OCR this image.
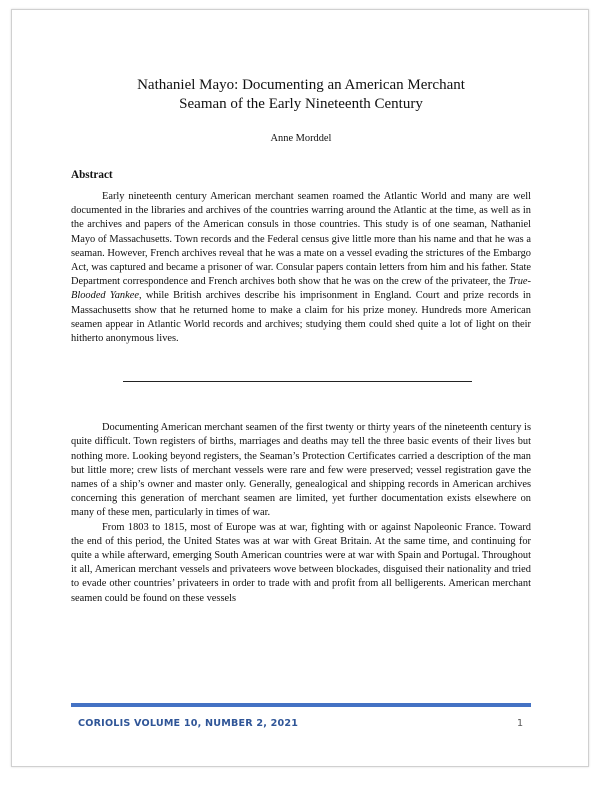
Nathaniel Mayo: Documenting an American Merchant
Seaman of the Early Nineteenth Century
Anne Morddel
Abstract

Early nineteenth century American merchant seamen roamed the Atlantic World and many are well documented in the libraries and archives of the countries warring around the Atlantic at the time, as well as in the archives and papers of the American consuls in those countries. This study is of one seaman, Nathaniel Mayo of Massachusetts. Town records and the Federal census give little more than his name and that he was a seaman. However, French archives reveal that he was a mate on a vessel evading the strictures of the Embargo Act, was captured and became a prisoner of war. Consular papers contain letters from him and his father. State Department correspondence and French archives both show that he was on the crew of the privateer, the True-Blooded Yankee, while British archives describe his imprisonment in England. Court and prize records in Massachusetts show that he returned home to make a claim for his prize money. Hundreds more American seamen appear in Atlantic World records and archives; studying them could shed quite a lot of light on their hitherto anonymous lives.

Documenting American merchant seamen of the first twenty or thirty years of the nineteenth century is quite difficult. Town registers of births, marriages and deaths may tell the three basic events of their lives but nothing more. Looking beyond registers, the Seaman’s Protection Certificates carried a description of the man but little more; crew lists of merchant vessels were rare and few were preserved; vessel registration gave the names of a ship’s owner and master only. Generally, genealogical and shipping records in American archives concerning this generation of merchant seamen are limited, yet further documentation exists elsewhere on many of these men, particularly in times of war.

From 1803 to 1815, most of Europe was at war, fighting with or against Napoleonic France. Toward the end of this period, the United States was at war with Great Britain. At the same time, and continuing for quite a while afterward, emerging South American countries were at war with Spain and Portugal. Throughout it all, American merchant vessels and privateers wove between blockades, disguised their nationality and tried to evade other countries’ privateers in order to trade with and profit from all belligerents. American merchant seamen could be found on these vessels

CORIOLIS VOLUME 10, NUMBER 2, 2021	1
